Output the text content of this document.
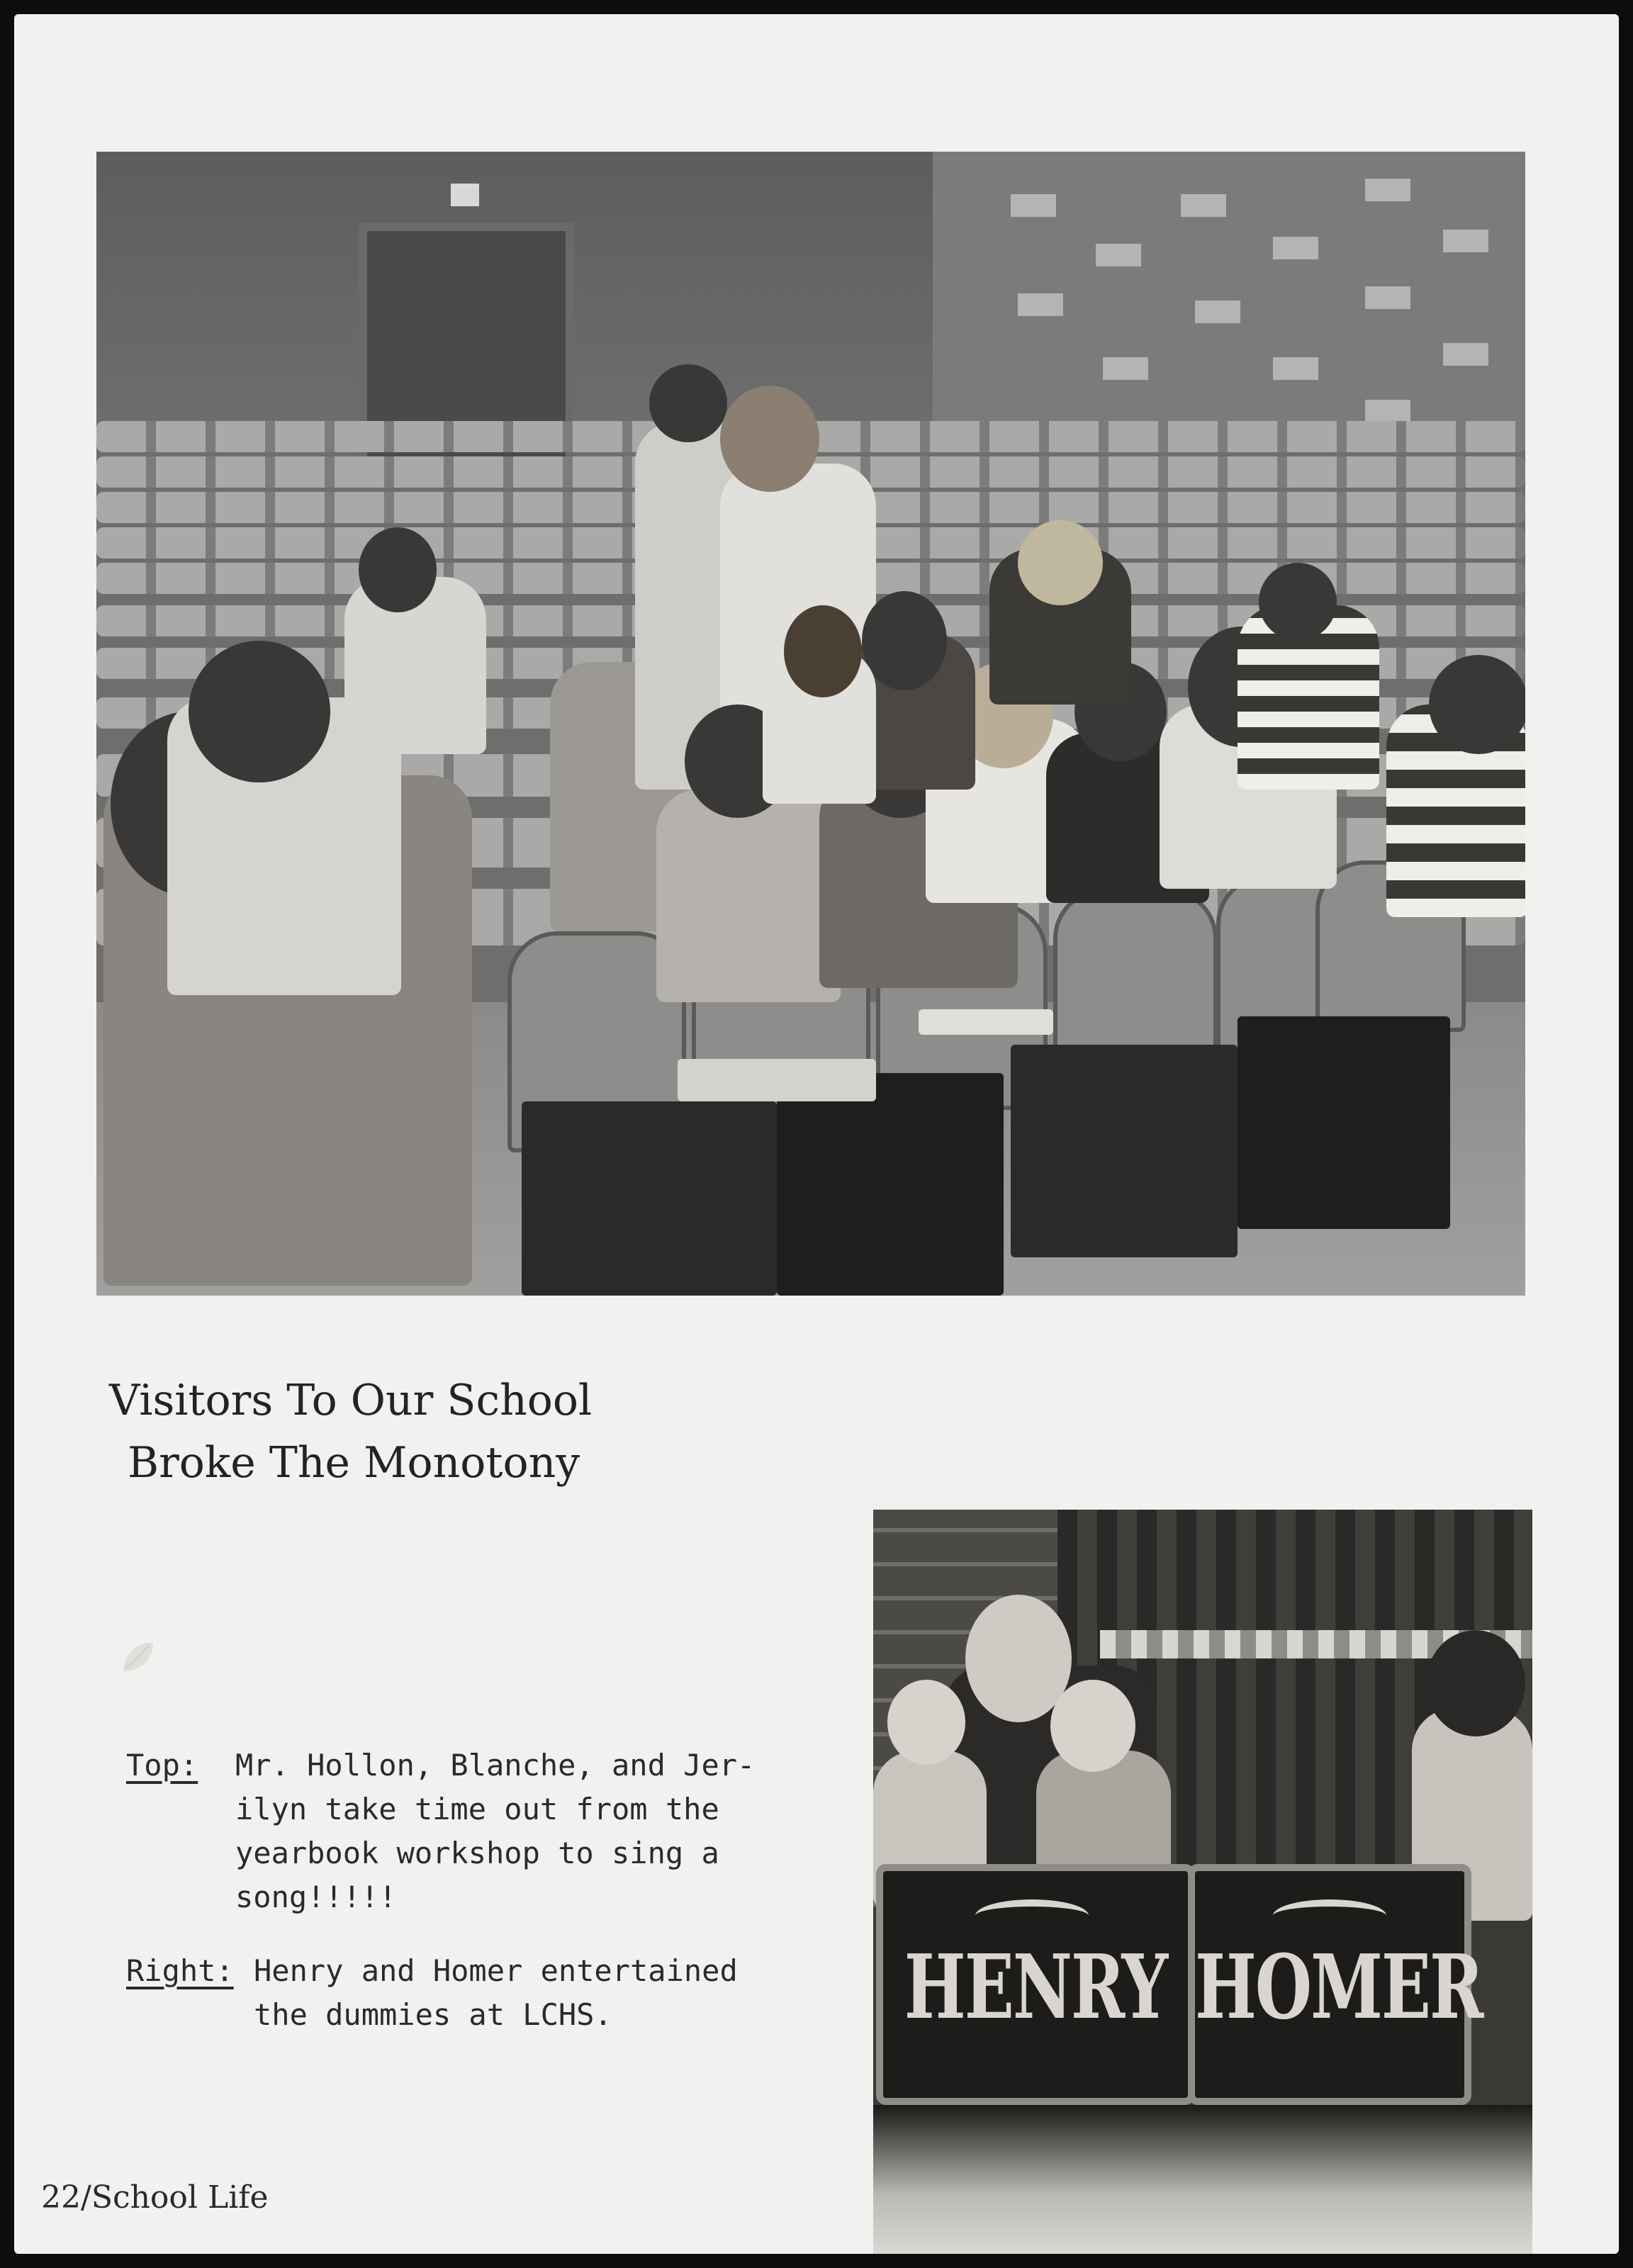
Visitors To Our School
Broke The Monotony
Top: Mr. Hollon, Blanche, and Jer-
ilyn take time out from the
yearbook workshop to sing a
song!!!!!
Right: Henry and Homer entertained
the dummies at LCHS.	HENRY HOMER
22/School Life
